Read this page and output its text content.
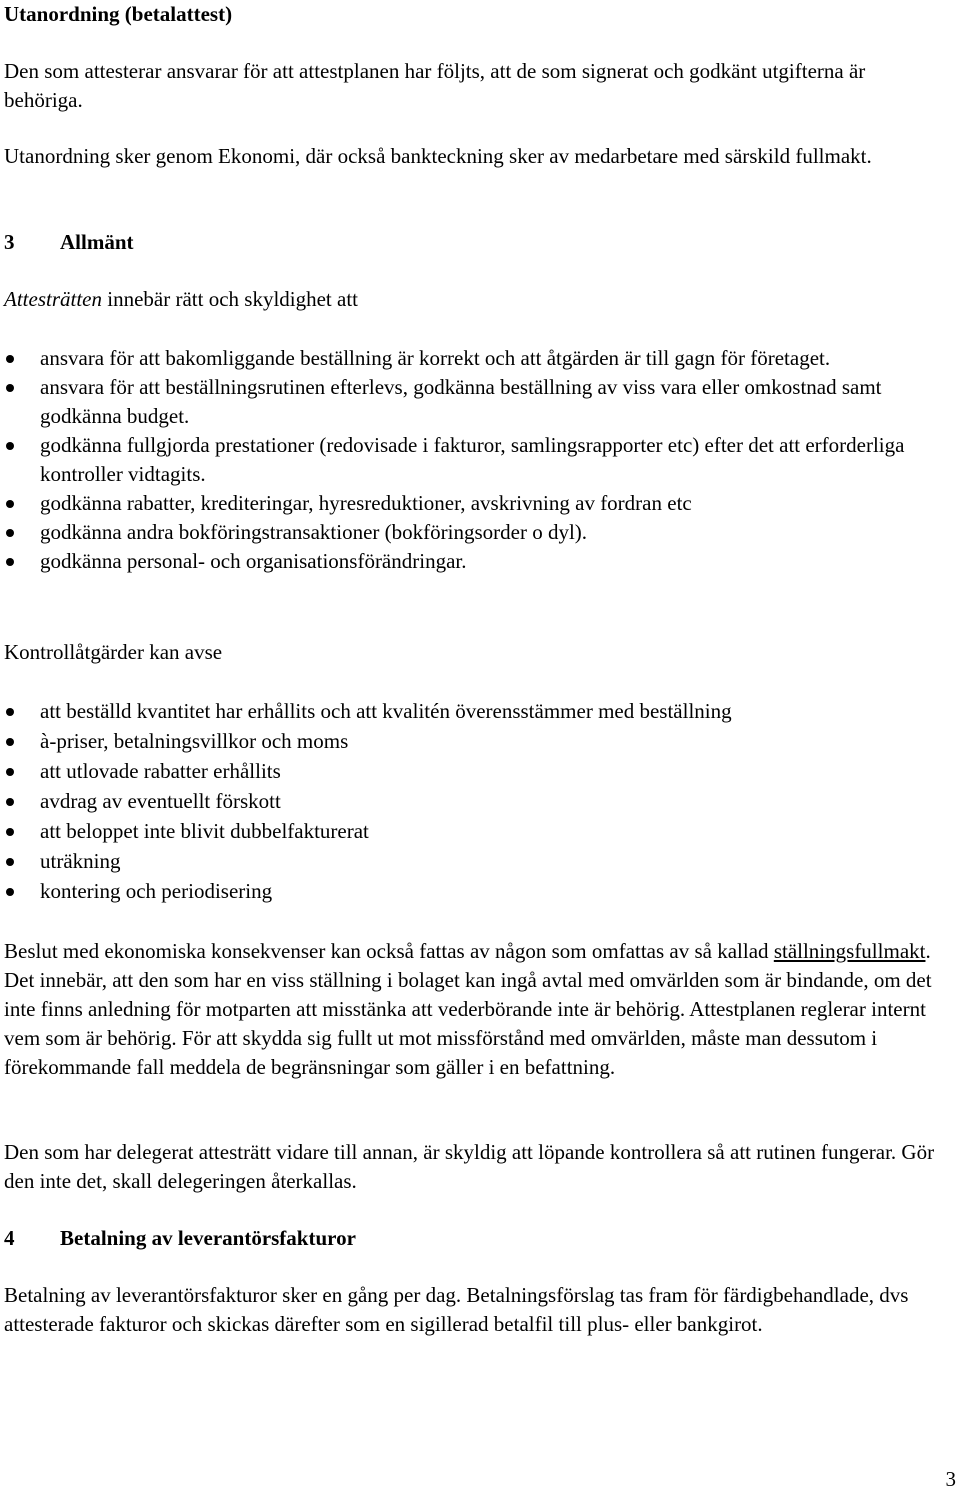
Utanordning (betalattest)

Den som attesterar ansvarar för att attestplanen har följts, att de som signerat och godkänt utgifterna är behöriga.

Utanordning sker genom Ekonomi, där också bankteckning sker av medarbetare med särskild fullmakt.

3 Allmänt

Attesträtten innebär rätt och skyldighet att

ansvara för att bakomliggande beställning är korrekt och att åtgärden är till gagn för företaget.
ansvara för att beställningsrutinen efterlevs, godkänna beställning av viss vara eller omkostnad samt godkänna budget.
godkänna fullgjorda prestationer (redovisade i fakturor, samlingsrapporter etc) efter det att erforderliga kontroller vidtagits.
godkänna rabatter, krediteringar, hyresreduktioner, avskrivning av fordran etc
godkänna andra bokföringstransaktioner (bokföringsorder o dyl).
godkänna personal- och organisationsförändringar.

Kontrollåtgärder kan avse

att beställd kvantitet har erhållits och att kvalitén överensstämmer med beställning
à-priser, betalningsvillkor och moms
att utlovade rabatter erhållits
avdrag av eventuellt förskott
att beloppet inte blivit dubbelfakturerat
uträkning
kontering och periodisering

Beslut med ekonomiska konsekvenser kan också fattas av någon som omfattas av så kallad ställningsfullmakt. Det innebär, att den som har en viss ställning i bolaget kan ingå avtal med omvärlden som är bindande, om det inte finns anledning för motparten att misstänka att vederbörande inte är behörig. Attestplanen reglerar internt vem som är behörig. För att skydda sig fullt ut mot missförstånd med omvärlden, måste man dessutom i förekommande fall meddela de begränsningar som gäller i en befattning.

Den som har delegerat attesträtt vidare till annan, är skyldig att löpande kontrollera så att rutinen fungerar. Gör den inte det, skall delegeringen återkallas.

4 Betalning av leverantörsfakturor

Betalning av leverantörsfakturor sker en gång per dag. Betalningsförslag tas fram för färdigbehandlade, dvs attesterade fakturor och skickas därefter som en sigillerad betalfil till plus- eller bankgirot.

3
